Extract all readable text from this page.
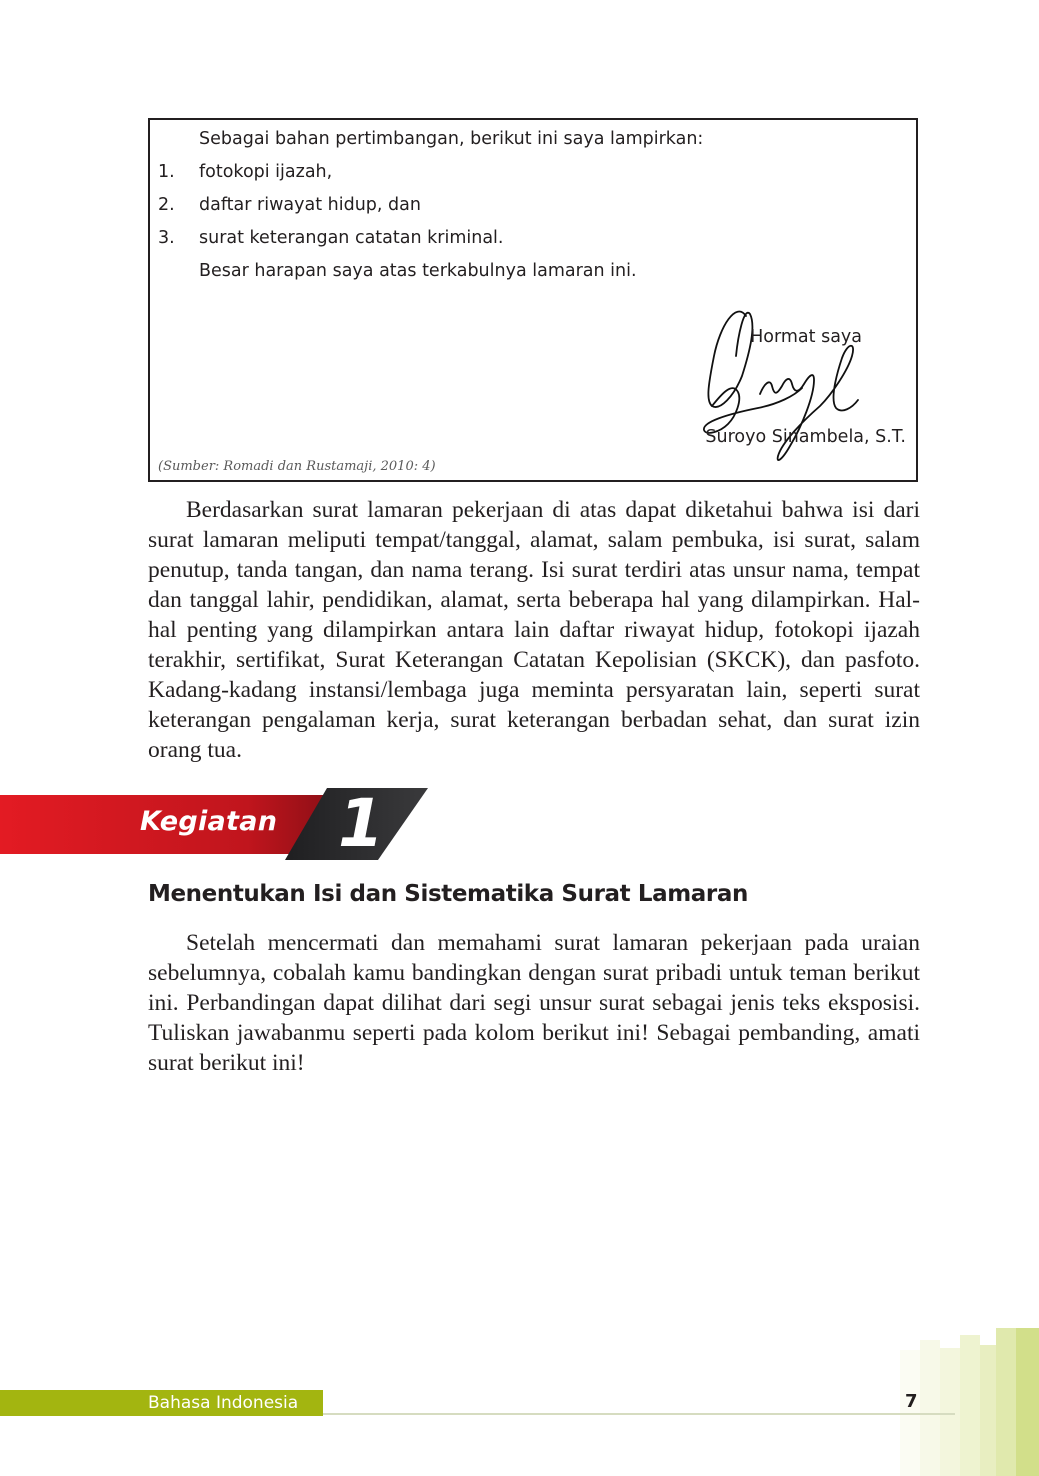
Sebagai bahan pertimbangan, berikut ini saya lampirkan:
1. fotokopi ijazah,
2. daftar riwayat hidup, dan
3. surat keterangan catatan kriminal.
Besar harapan saya atas terkabulnya lamaran ini.
Hormat saya
Suroyo Sinambela, S.T.
(Sumber: Romadi dan Rustamaji, 2010: 4)
Berdasarkan surat lamaran pekerjaan di atas dapat diketahui bahwa isi dari surat lamaran meliputi tempat/tanggal, alamat, salam pembuka, isi surat, salam penutup, tanda tangan, dan nama terang. Isi surat terdiri atas unsur nama, tempat dan tanggal lahir, pendidikan, alamat, serta beberapa hal yang dilampirkan. Hal-hal penting yang dilampirkan antara lain daftar riwayat hidup, fotokopi ijazah terakhir, sertifikat, Surat Keterangan Catatan Kepolisian (SKCK), dan pasfoto. Kadang-kadang instansi/lembaga juga meminta persyaratan lain, seperti surat keterangan pengalaman kerja, surat keterangan berbadan sehat, dan surat izin orang tua.
Kegiatan 1
Menentukan Isi dan Sistematika Surat Lamaran
Setelah mencermati dan memahami surat lamaran pekerjaan pada uraian sebelumnya, cobalah kamu bandingkan dengan surat pribadi untuk teman berikut ini. Perbandingan dapat dilihat dari segi unsur surat sebagai jenis teks eksposisi. Tuliskan jawabanmu seperti pada kolom berikut ini! Sebagai pembanding, amati surat berikut ini!
Bahasa Indonesia	7
